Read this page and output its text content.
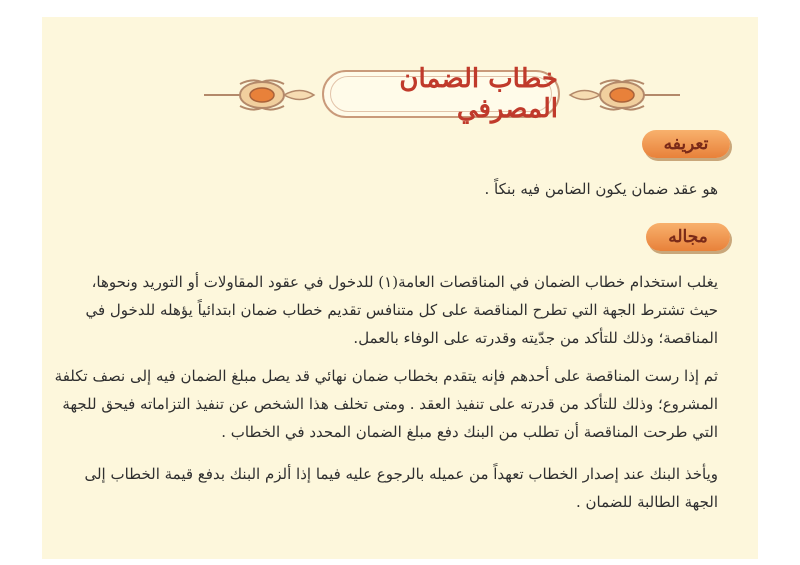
خطاب الضمان المصرفي
تعريفه

هو عقد ضمان يكون الضامن فيه بنكاً .

مجاله
يغلب استخدام خطاب الضمان في المناقصات العامة(١) للدخول في عقود المقاولات أو التوريد ونحوها،
حيث تشترط الجهة التي تطرح المناقصة على كل متنافس تقديم خطاب ضمان ابتدائياً يؤهله للدخول في
المناقصة؛ وذلك للتأكد من جدّيته وقدرته على الوفاء بالعمل.
ثم إذا رست المناقصة على أحدهم فإنه يتقدم بخطاب ضمان نهائي قد يصل مبلغ الضمان فيه إلى نصف تكلفة
المشروع؛ وذلك للتأكد من قدرته على تنفيذ العقد . ومتى تخلف هذا الشخص عن تنفيذ التزاماته فيحق للجهة
التي طرحت المناقصة أن تطلب من البنك دفع مبلغ الضمان المحدد في الخطاب .
ويأخذ البنك عند إصدار الخطاب تعهداً من عميله بالرجوع عليه فيما إذا ألزم البنك بدفع قيمة الخطاب إلى
الجهة الطالبة للضمان .
